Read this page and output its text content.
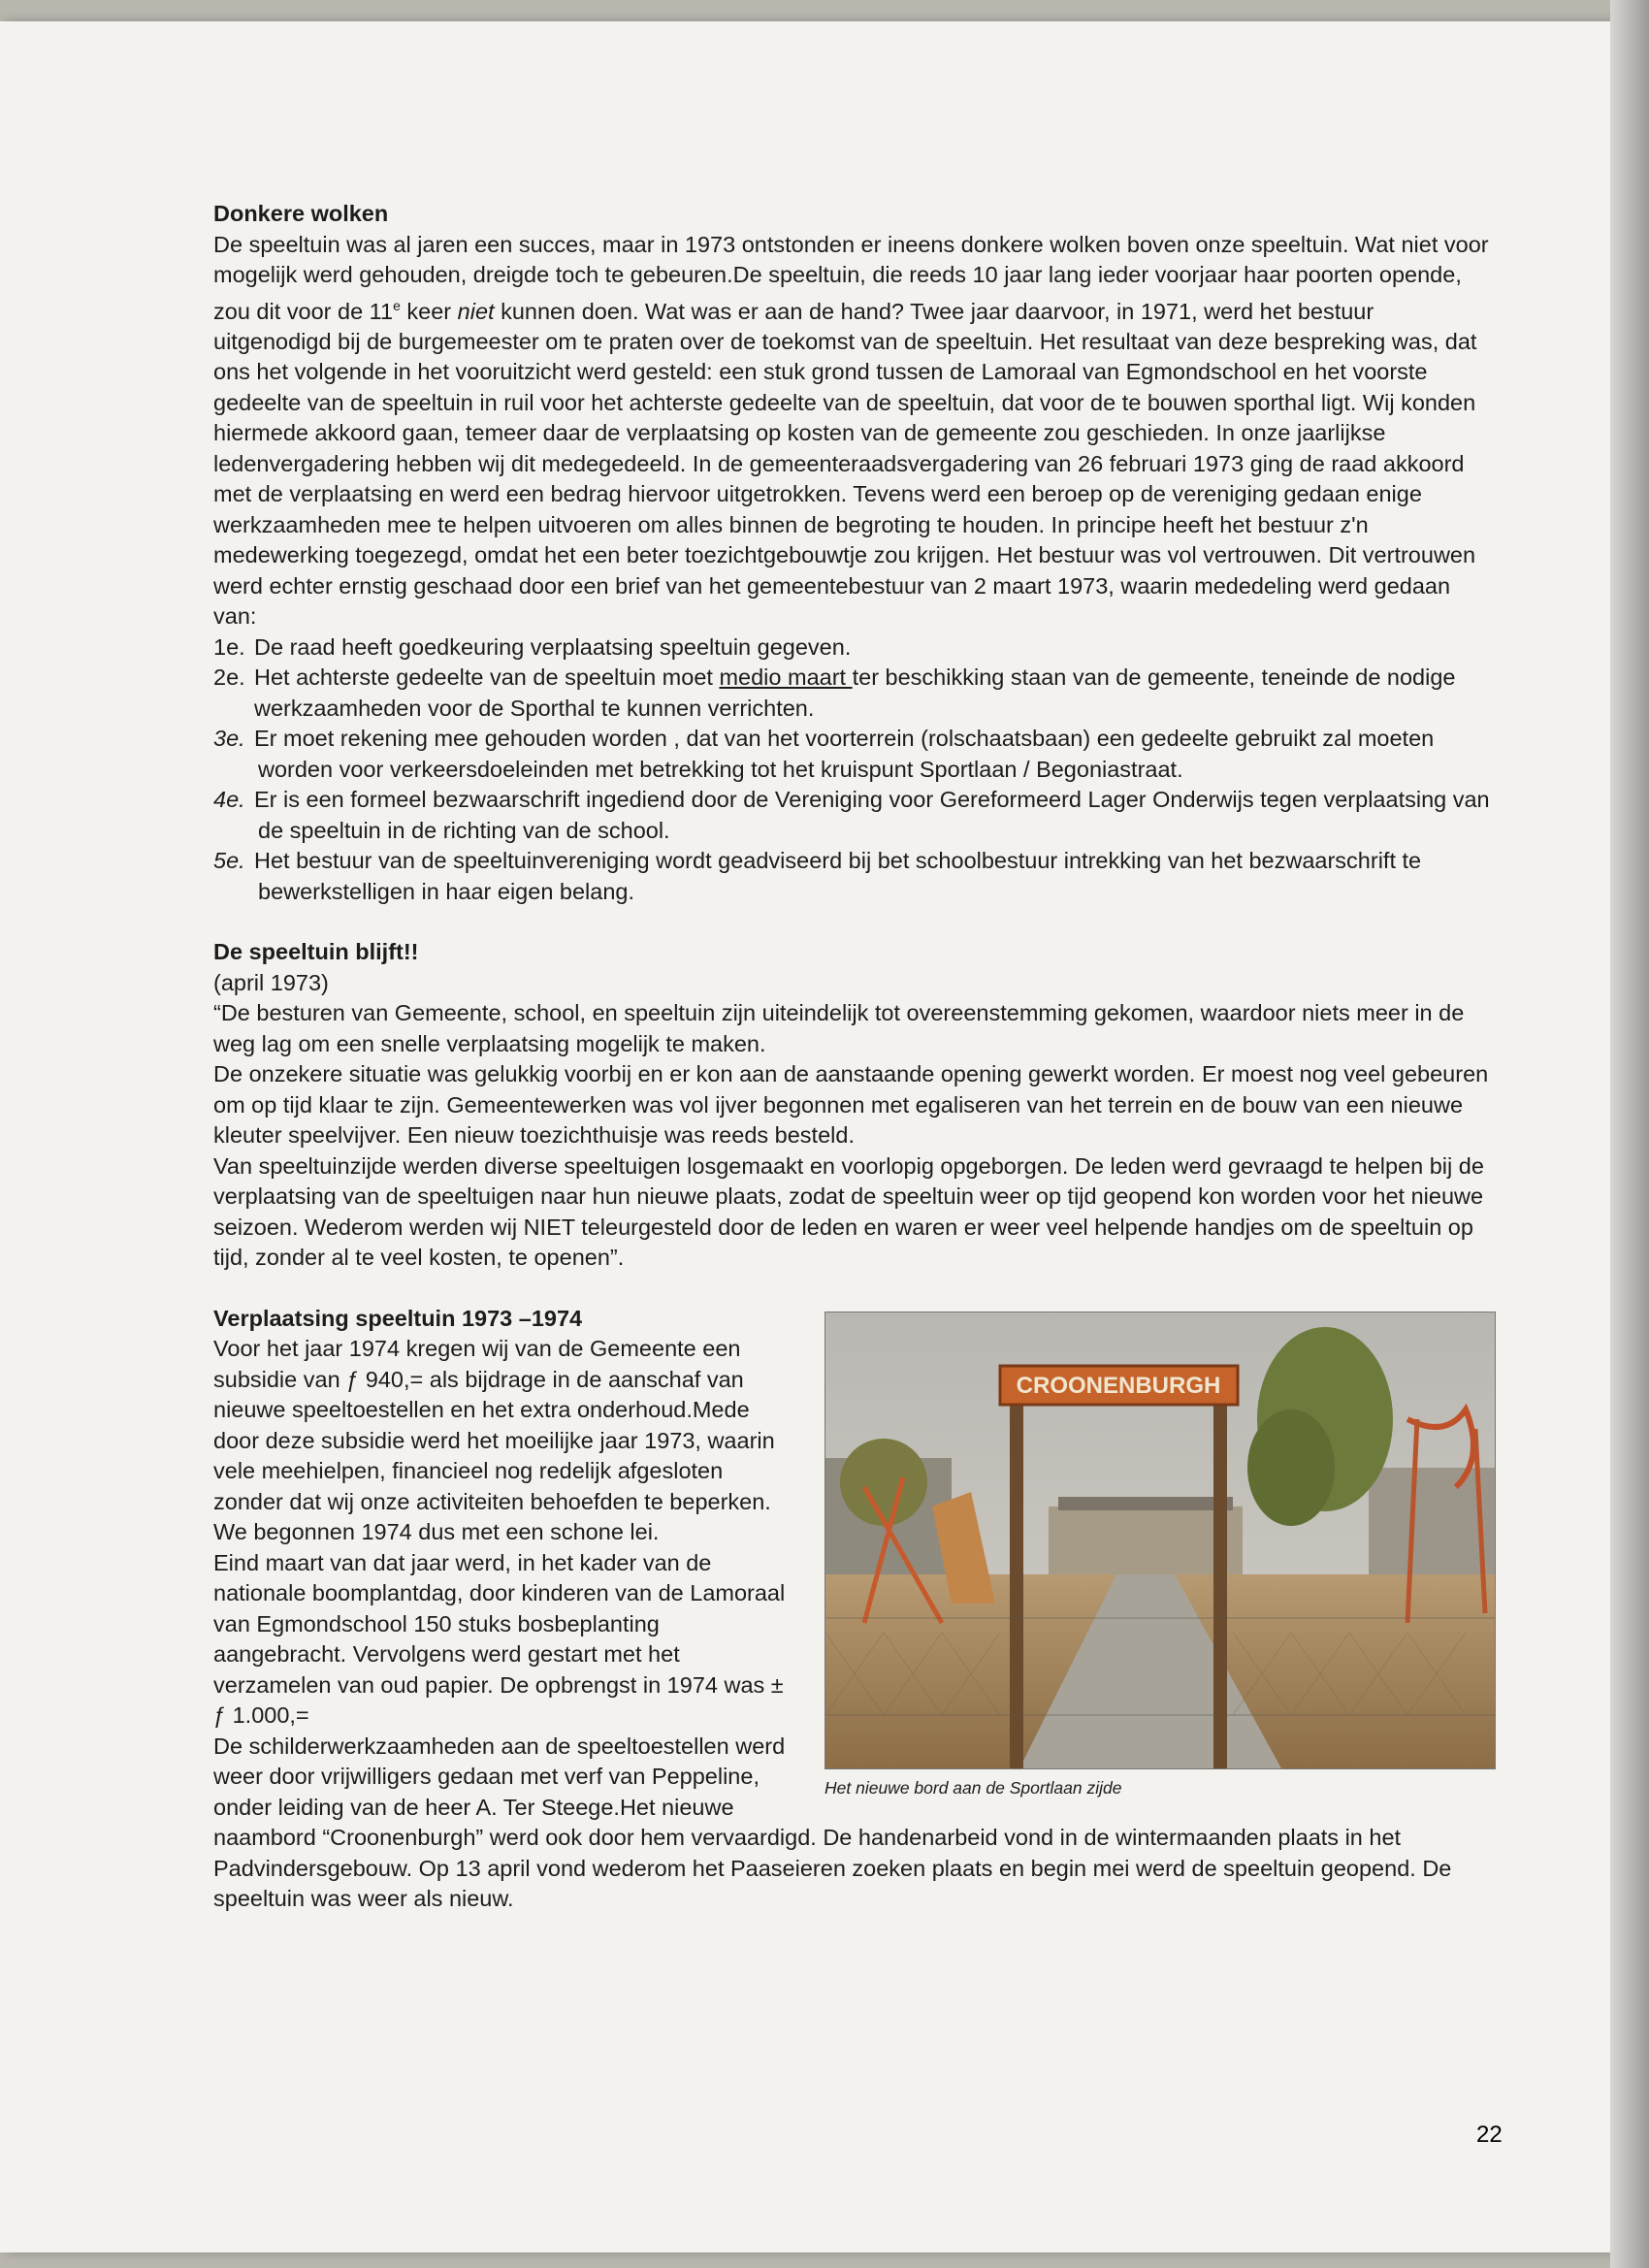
Donkere wolken

De speeltuin was al jaren een succes, maar in 1973 ontstonden er ineens donkere wolken boven onze speeltuin. Wat niet voor mogelijk werd gehouden, dreigde toch te gebeuren.De speeltuin, die reeds 10 jaar lang ieder voorjaar haar poorten opende, zou dit voor de 11e keer niet kunnen doen. Wat was er aan de hand? Twee jaar daarvoor, in 1971, werd het bestuur uitgenodigd bij de burgemeester om te praten over de toekomst van de speeltuin. Het resultaat van deze bespreking was, dat ons het volgende in het vooruitzicht werd gesteld: een stuk grond tussen de Lamoraal van Egmondschool en het voorste gedeelte van de speeltuin in ruil voor het achterste gedeelte van de speeltuin, dat voor de te bouwen sporthal ligt. Wij konden hiermede akkoord gaan, temeer daar de verplaatsing op kosten van de gemeente zou geschieden. In onze jaarlijkse ledenvergadering hebben wij dit medegedeeld. In de gemeenteraadsvergadering van 26 februari 1973 ging de raad akkoord met de verplaatsing en werd een bedrag hiervoor uitgetrokken. Tevens werd een beroep op de vereniging gedaan enige werkzaamheden mee te helpen uitvoeren om alles binnen de begroting te houden. In principe heeft het bestuur z'n medewerking toegezegd, omdat het een beter toezichtgebouwtje zou krijgen. Het bestuur was vol vertrouwen. Dit vertrouwen werd echter ernstig geschaad door een brief van het gemeentebestuur van 2 maart 1973, waarin mededeling werd gedaan van:

1e. De raad heeft goedkeuring verplaatsing speeltuin gegeven.
2e. Het achterste gedeelte van de speeltuin moet medio maart ter beschikking staan van de gemeente, teneinde de nodige werkzaamheden voor de Sporthal te kunnen verrichten.
3e. Er moet rekening mee gehouden worden , dat van het voorterrein (rolschaatsbaan) een gedeelte gebruikt zal moeten worden voor verkeersdoeleinden met betrekking tot het kruispunt Sportlaan / Begoniastraat.
4e. Er is een formeel bezwaarschrift ingediend door de Vereniging voor Gereformeerd Lager Onderwijs tegen verplaatsing van de speeltuin in de richting van de school.
5e. Het bestuur van de speeltuinvereniging wordt geadviseerd bij bet schoolbestuur intrekking van het bezwaarschrift te bewerkstelligen in haar eigen belang.
De speeltuin blijft!!
(april 1973)

“De besturen van Gemeente, school, en speeltuin zijn uiteindelijk tot overeenstemming gekomen, waardoor niets meer in de weg lag om een snelle verplaatsing mogelijk te maken.

De onzekere situatie was gelukkig voorbij en er kon aan de aanstaande opening gewerkt worden. Er moest nog veel gebeuren om op tijd klaar te zijn. Gemeentewerken was vol ijver begonnen met egaliseren van het terrein en de bouw van een nieuwe kleuter speelvijver. Een nieuw toezichthuisje was reeds besteld.

Van speeltuinzijde werden diverse speeltuigen losgemaakt en voorlopig opgeborgen. De leden werd gevraagd te helpen bij de verplaatsing van de speeltuigen naar hun nieuwe plaats, zodat de speeltuin weer op tijd geopend kon worden voor het nieuwe seizoen. Wederom werden wij NIET teleurgesteld door de leden en waren er weer veel helpende handjes om de speeltuin op tijd, zonder al te veel kosten, te openen”.

CROONENBURGH
Het nieuwe bord aan de Sportlaan zijde
Verplaatsing speeltuin 1973 –1974

Voor het jaar 1974 kregen wij van de Gemeente een subsidie van ƒ 940,= als bijdrage in de aanschaf van nieuwe speeltoestellen en het extra onderhoud.Mede door deze subsidie werd het moeilijke jaar 1973, waarin vele meehielpen, financieel nog redelijk afgesloten zonder dat wij onze activiteiten behoefden te beperken.

We begonnen 1974 dus met een schone lei.

Eind maart van dat jaar werd, in het kader van de nationale boomplantdag, door kinderen van de Lamoraal van Egmondschool 150 stuks bosbeplanting aangebracht. Vervolgens werd gestart met het verzamelen van oud papier. De opbrengst in 1974 was ± ƒ 1.000,=

De schilderwerkzaamheden aan de speeltoestellen werd weer door vrijwilligers gedaan met verf van Peppeline, onder leiding van de heer A. Ter Steege.Het nieuwe naambord “Croonenburgh” werd ook door hem vervaardigd. De handenarbeid vond in de wintermaanden plaats in het Padvindersgebouw. Op 13 april vond wederom het Paaseieren zoeken plaats en begin mei werd de speeltuin geopend. De speeltuin was weer als nieuw.

22
